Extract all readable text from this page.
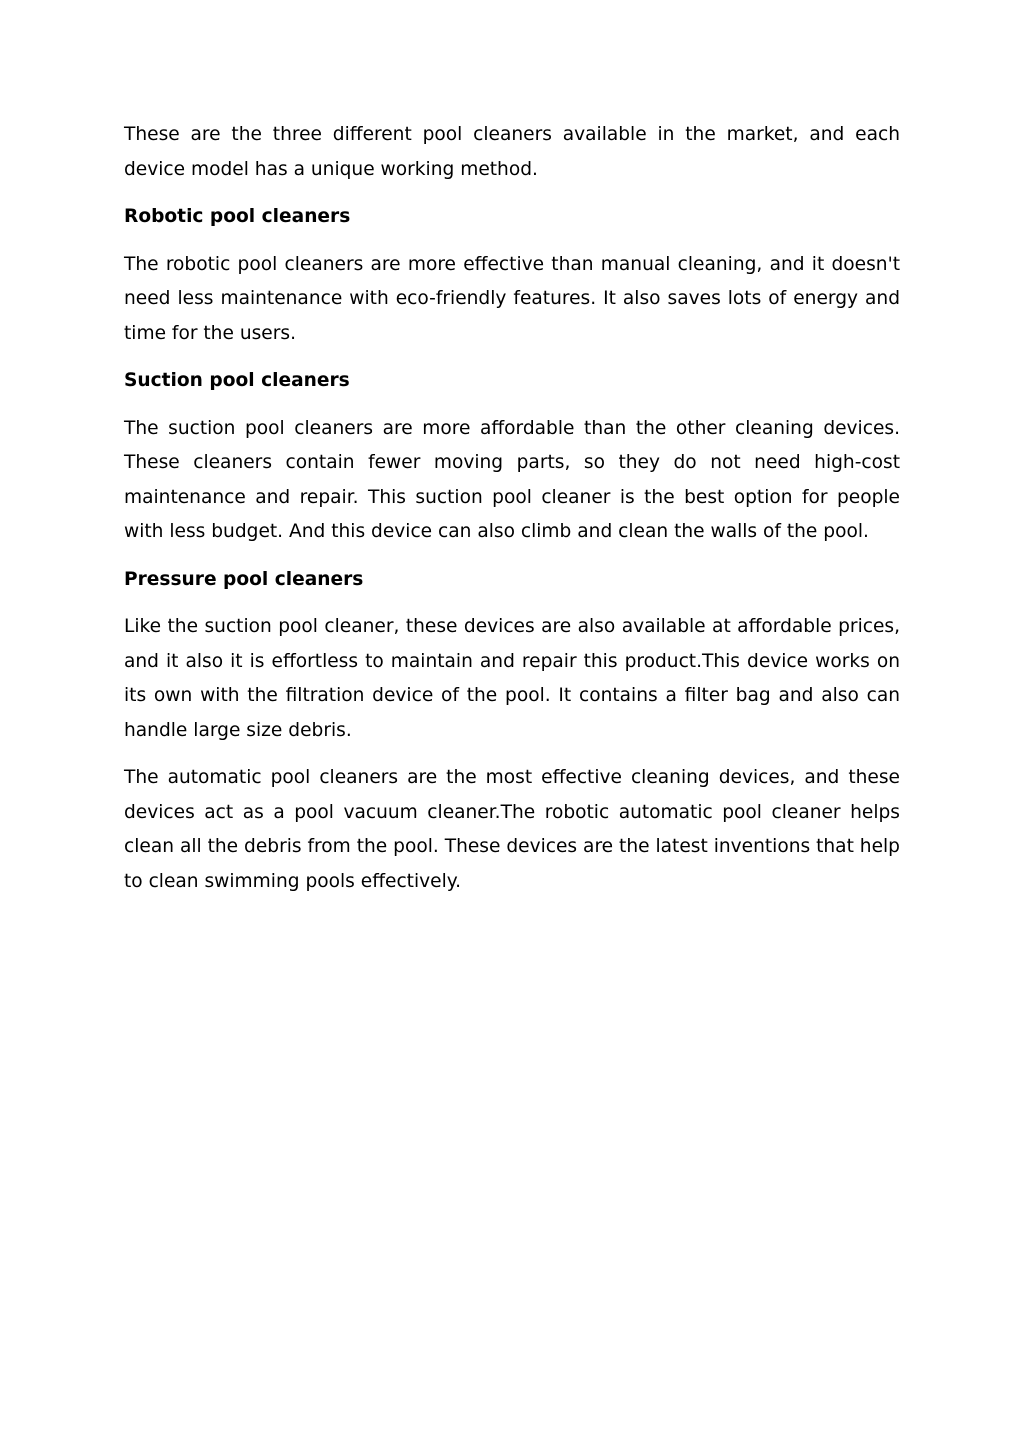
These are the three different pool cleaners available in the market, and each device model has a unique working method.

Robotic pool cleaners

The robotic pool cleaners are more effective than manual cleaning, and it doesn't need less maintenance with eco-friendly features. It also saves lots of energy and time for the users.

Suction pool cleaners

The suction pool cleaners are more affordable than the other cleaning devices. These cleaners contain fewer moving parts, so they do not need high-cost maintenance and repair. This suction pool cleaner is the best option for people with less budget. And this device can also climb and clean the walls of the pool.

Pressure pool cleaners

Like the suction pool cleaner, these devices are also available at affordable prices, and it also it is effortless to maintain and repair this product.This device works on its own with the filtration device of the pool. It contains a filter bag and also can handle large size debris.

The automatic pool cleaners are the most effective cleaning devices, and these devices act as a pool vacuum cleaner.The robotic automatic pool cleaner helps clean all the debris from the pool. These devices are the latest inventions that help to clean swimming pools effectively.
